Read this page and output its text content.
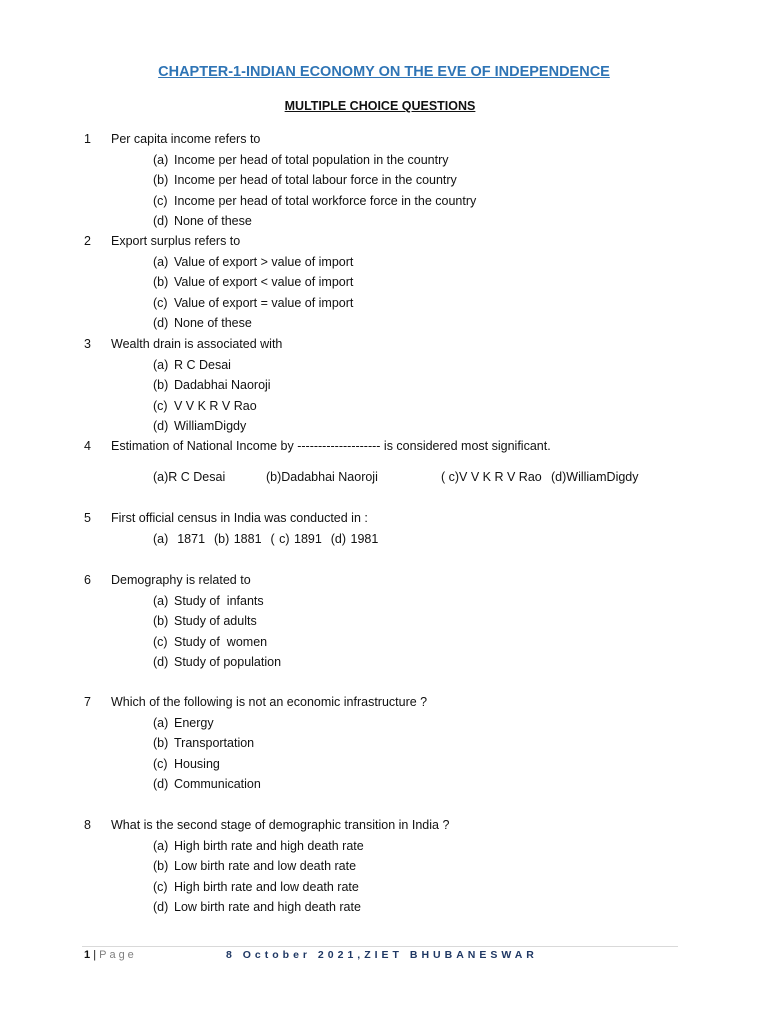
CHAPTER-1-INDIAN ECONOMY ON THE EVE OF INDEPENDENCE
MULTIPLE CHOICE QUESTIONS
1 Per capita income refers to
(a) Income per head of total population in the country
(b) Income per head of total labour force in the country
(c) Income per head of total workforce force in the country
(d) None of these
2 Export surplus refers to
(a) Value of export > value of import
(b) Value of export < value of import
(c) Value of export = value of import
(d) None of these
3 Wealth drain is associated with
(a) R C Desai
(b) Dadabhai Naoroji
(c) V V K R V Rao
(d) WilliamDigdy
4 Estimation of National Income by -------------------- is considered most significant.
(a)R C Desai	(b)Dadabhai Naoroji	( c)V V K R V Rao (d)WilliamDigdy
5 First official census in India was conducted in :
(a)  1871  (b) 1881  ( c) 1891  (d) 1981
6 Demography is related to
(a) Study of  infants
(b) Study of adults
(c) Study of  women
(d) Study of population
7 Which of the following is not an economic infrastructure ?
(a) Energy
(b) Transportation
(c) Housing
(d) Communication
8 What is the second stage of demographic transition in India ?
(a) High birth rate and high death rate
(b) Low birth rate and low death rate
(c) High birth rate and low death rate
(d) Low birth rate and high death rate
1 | Page	8 October 2021,ZIET BHUBANESWAR
